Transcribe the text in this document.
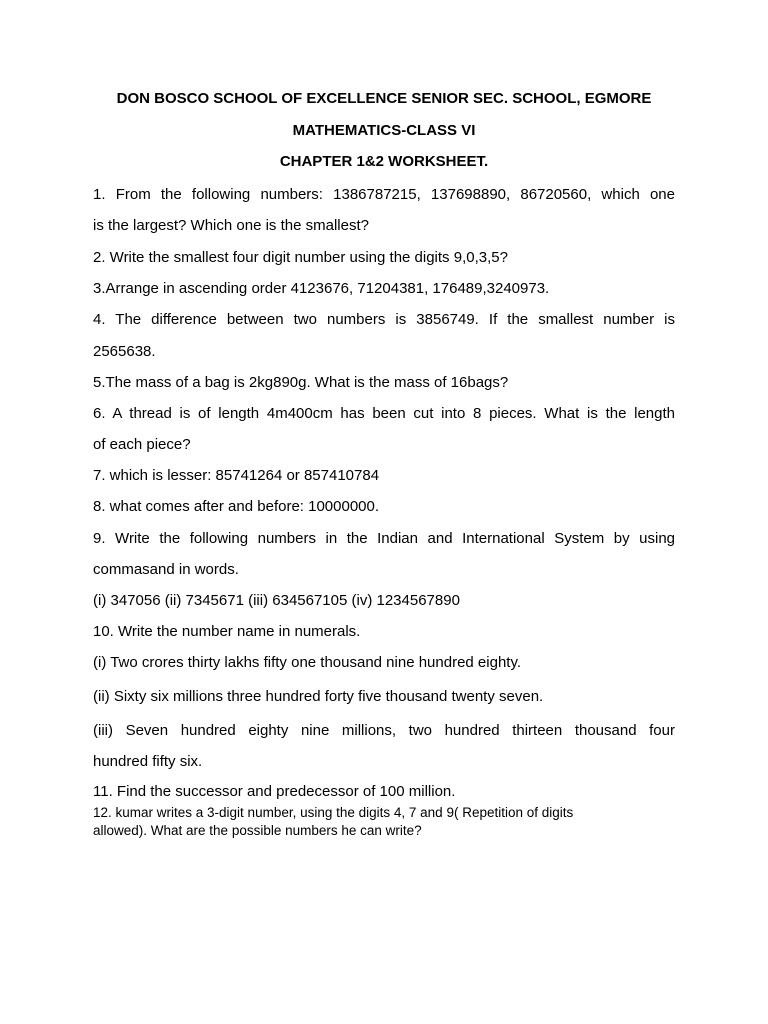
DON BOSCO SCHOOL OF EXCELLENCE SENIOR SEC. SCHOOL, EGMORE
MATHEMATICS-CLASS VI
CHAPTER 1&2 WORKSHEET.
1. From the following numbers: 1386787215, 137698890, 86720560, which one
is the largest? Which one is the smallest?
2. Write the smallest four digit number using the digits 9,0,3,5?
3.Arrange in ascending order 4123676, 71204381, 176489,3240973.
4. The difference between two numbers is 3856749. If the smallest number is
2565638.
5.The mass of a bag is 2kg890g. What is the mass of 16bags?
6. A thread is of length 4m400cm has been cut into 8 pieces. What is the length
of each piece?
7. which is lesser: 85741264 or 857410784
8. what comes after and before: 10000000.
9. Write the following numbers in the Indian and International System by using
commasand in words.
(i) 347056 (ii) 7345671 (iii) 634567105 (iv) 1234567890
10. Write the number name in numerals.
(i) Two crores thirty lakhs fifty one thousand nine hundred eighty.
(ii) Sixty six millions three hundred forty five thousand twenty seven.
(iii) Seven hundred eighty nine millions, two hundred thirteen thousand four
hundred fifty six.
11. Find the successor and predecessor of 100 million.
12. kumar writes a 3-digit number, using the digits 4, 7 and 9( Repetition of digits
allowed). What are the possible numbers he can write?
